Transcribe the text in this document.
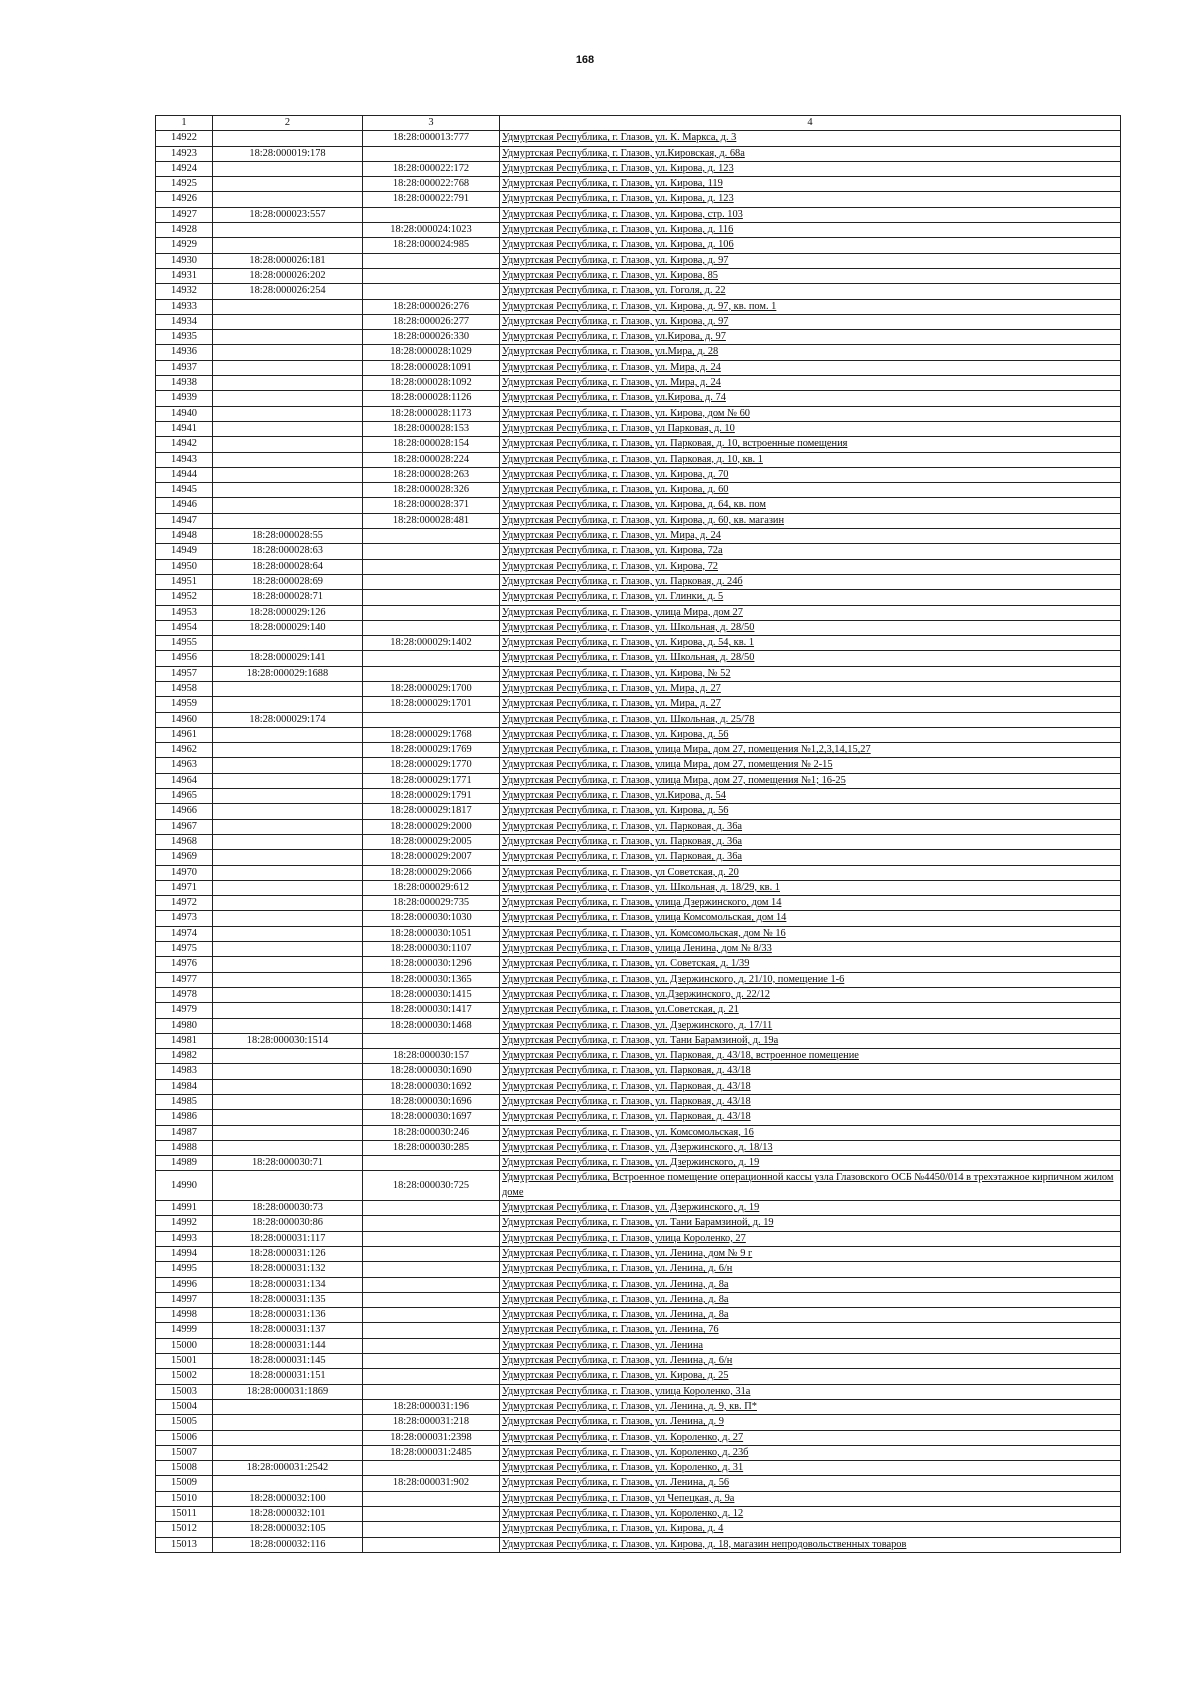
168
1	2	3	4
14922		18:28:000013:777	Удмуртская Республика, г. Глазов, ул. К. Маркса, д. 3
14923	18:28:000019:178		Удмуртская Республика, г. Глазов, ул.Кировская, д. 68а
14924		18:28:000022:172	Удмуртская Республика, г. Глазов, ул. Кирова, д. 123
14925		18:28:000022:768	Удмуртская Республика, г. Глазов, ул. Кирова, 119
14926		18:28:000022:791	Удмуртская Республика, г. Глазов, ул. Кирова, д. 123
14927	18:28:000023:557		Удмуртская Республика, г. Глазов, ул. Кирова, стр. 103
14928		18:28:000024:1023	Удмуртская Республика, г. Глазов, ул. Кирова, д. 116
14929		18:28:000024:985	Удмуртская Республика, г. Глазов, ул. Кирова, д. 106
14930	18:28:000026:181		Удмуртская Республика, г. Глазов, ул. Кирова, д. 97
14931	18:28:000026:202		Удмуртская Республика, г. Глазов, ул. Кирова, 85
14932	18:28:000026:254		Удмуртская Республика, г. Глазов, ул. Гоголя, д. 22
14933		18:28:000026:276	Удмуртская Республика, г. Глазов, ул. Кирова, д. 97, кв. пом. 1
14934		18:28:000026:277	Удмуртская Республика, г. Глазов, ул. Кирова, д. 97
14935		18:28:000026:330	Удмуртская Республика, г. Глазов, ул.Кирова, д. 97
14936		18:28:000028:1029	Удмуртская Республика, г. Глазов, ул.Мира, д. 28
14937		18:28:000028:1091	Удмуртская Республика, г. Глазов, ул. Мира, д. 24
14938		18:28:000028:1092	Удмуртская Республика, г. Глазов, ул. Мира, д. 24
14939		18:28:000028:1126	Удмуртская Республика, г. Глазов, ул.Кирова, д. 74
14940		18:28:000028:1173	Удмуртская Республика, г. Глазов, ул. Кирова, дом № 60
14941		18:28:000028:153	Удмуртская Республика, г. Глазов, ул Парковая, д. 10
14942		18:28:000028:154	Удмуртская Республика, г. Глазов, ул. Парковая, д. 10, встроенные помещения
14943		18:28:000028:224	Удмуртская Республика, г. Глазов, ул. Парковая, д. 10, кв. 1
14944		18:28:000028:263	Удмуртская Республика, г. Глазов, ул. Кирова, д. 70
14945		18:28:000028:326	Удмуртская Республика, г. Глазов, ул. Кирова, д. 60
14946		18:28:000028:371	Удмуртская Республика, г. Глазов, ул. Кирова, д. 64, кв. пом
14947		18:28:000028:481	Удмуртская Республика, г. Глазов, ул. Кирова, д. 60, кв. магазин
14948	18:28:000028:55		Удмуртская Республика, г. Глазов, ул. Мира, д. 24
14949	18:28:000028:63		Удмуртская Республика, г. Глазов, ул. Кирова, 72а
14950	18:28:000028:64		Удмуртская Республика, г. Глазов, ул. Кирова, 72
14951	18:28:000028:69		Удмуртская Республика, г. Глазов, ул. Парковая, д. 24б
14952	18:28:000028:71		Удмуртская Республика, г. Глазов, ул. Глинки, д. 5
14953	18:28:000029:126		Удмуртская Республика, г. Глазов, улица Мира, дом 27
14954	18:28:000029:140		Удмуртская Республика, г. Глазов, ул. Школьная, д. 28/50
14955		18:28:000029:1402	Удмуртская Республика, г. Глазов, ул. Кирова, д. 54, кв. 1
14956	18:28:000029:141		Удмуртская Республика, г. Глазов, ул. Школьная, д. 28/50
14957	18:28:000029:1688		Удмуртская Республика, г. Глазов, ул. Кирова, № 52
14958		18:28:000029:1700	Удмуртская Республика, г. Глазов, ул. Мира, д. 27
14959		18:28:000029:1701	Удмуртская Республика, г. Глазов, ул. Мира, д. 27
14960	18:28:000029:174		Удмуртская Республика, г. Глазов, ул. Школьная, д. 25/78
14961		18:28:000029:1768	Удмуртская Республика, г. Глазов, ул. Кирова, д. 56
14962		18:28:000029:1769	Удмуртская Республика, г. Глазов, улица Мира, дом 27, помещения №1,2,3,14,15,27
14963		18:28:000029:1770	Удмуртская Республика, г. Глазов, улица Мира, дом 27, помещения № 2-15
14964		18:28:000029:1771	Удмуртская Республика, г. Глазов, улица Мира, дом 27, помещения №1; 16-25
14965		18:28:000029:1791	Удмуртская Республика, г. Глазов, ул.Кирова, д. 54
14966		18:28:000029:1817	Удмуртская Республика, г. Глазов, ул. Кирова, д. 56
14967		18:28:000029:2000	Удмуртская Республика, г. Глазов, ул. Парковая, д. 36а
14968		18:28:000029:2005	Удмуртская Республика, г. Глазов, ул. Парковая, д. 36а
14969		18:28:000029:2007	Удмуртская Республика, г. Глазов, ул. Парковая, д. 36а
14970		18:28:000029:2066	Удмуртская Республика, г. Глазов, ул Советская, д. 20
14971		18:28:000029:612	Удмуртская Республика, г. Глазов, ул. Школьная, д. 18/29, кв. 1
14972		18:28:000029:735	Удмуртская Республика, г. Глазов, улица Дзержинского, дом 14
14973		18:28:000030:1030	Удмуртская Республика, г. Глазов, улица Комсомольская, дом 14
14974		18:28:000030:1051	Удмуртская Республика, г. Глазов, ул. Комсомольская, дом № 16
14975		18:28:000030:1107	Удмуртская Республика, г. Глазов, улица Ленина, дом № 8/33
14976		18:28:000030:1296	Удмуртская Республика, г. Глазов, ул. Советская, д. 1/39
14977		18:28:000030:1365	Удмуртская Республика, г. Глазов, ул. Дзержинского, д. 21/10, помещение 1-6
14978		18:28:000030:1415	Удмуртская Республика, г. Глазов, ул.Дзержинского, д. 22/12
14979		18:28:000030:1417	Удмуртская Республика, г. Глазов, ул.Советская, д. 21
14980		18:28:000030:1468	Удмуртская Республика, г. Глазов, ул. Дзержинского, д. 17/11
14981	18:28:000030:1514		Удмуртская Республика, г. Глазов, ул. Тани Барамзиной, д. 19а
14982		18:28:000030:157	Удмуртская Республика, г. Глазов, ул. Парковая, д. 43/18, встроенное помещение
14983		18:28:000030:1690	Удмуртская Республика, г. Глазов, ул. Парковая, д. 43/18
14984		18:28:000030:1692	Удмуртская Республика, г. Глазов, ул. Парковая, д. 43/18
14985		18:28:000030:1696	Удмуртская Республика, г. Глазов, ул. Парковая, д. 43/18
14986		18:28:000030:1697	Удмуртская Республика, г. Глазов, ул. Парковая, д. 43/18
14987		18:28:000030:246	Удмуртская Республика, г. Глазов, ул. Комсомольская, 16
14988		18:28:000030:285	Удмуртская Республика, г. Глазов, ул. Дзержинского, д. 18/13
14989	18:28:000030:71		Удмуртская Республика, г. Глазов, ул. Дзержинского, д. 19
14990		18:28:000030:725	Удмуртская Республика, Встроенное помещение операционной кассы узла Глазовского ОСБ №4450/014 в трехэтажное кирпичном жилом доме
14991	18:28:000030:73		Удмуртская Республика, г. Глазов, ул. Дзержинского, д. 19
14992	18:28:000030:86		Удмуртская Республика, г. Глазов, ул. Тани Барамзиной, д. 19
14993	18:28:000031:117		Удмуртская Республика, г. Глазов, улица Короленко, 27
14994	18:28:000031:126		Удмуртская Республика, г. Глазов, ул. Ленина, дом № 9 г
14995	18:28:000031:132		Удмуртская Республика, г. Глазов, ул. Ленина, д. 6/н
14996	18:28:000031:134		Удмуртская Республика, г. Глазов, ул. Ленина, д. 8а
14997	18:28:000031:135		Удмуртская Республика, г. Глазов, ул. Ленина, д. 8а
14998	18:28:000031:136		Удмуртская Республика, г. Глазов, ул. Ленина, д. 8а
14999	18:28:000031:137		Удмуртская Республика, г. Глазов, ул. Ленина, 76
15000	18:28:000031:144		Удмуртская Республика, г. Глазов, ул. Ленина
15001	18:28:000031:145		Удмуртская Республика, г. Глазов, ул. Ленина, д. 6/н
15002	18:28:000031:151		Удмуртская Республика, г. Глазов, ул. Кирова, д. 25
15003	18:28:000031:1869		Удмуртская Республика, г. Глазов, улица Короленко, 31а
15004		18:28:000031:196	Удмуртская Республика, г. Глазов, ул. Ленина, д. 9, кв. П*
15005		18:28:000031:218	Удмуртская Республика, г. Глазов, ул. Ленина, д. 9
15006		18:28:000031:2398	Удмуртская Республика, г. Глазов, ул. Короленко, д. 27
15007		18:28:000031:2485	Удмуртская Республика, г. Глазов, ул. Короленко, д. 23б
15008	18:28:000031:2542		Удмуртская Республика, г. Глазов, ул. Короленко, д. 31
15009		18:28:000031:902	Удмуртская Республика, г. Глазов, ул. Ленина, д. 56
15010	18:28:000032:100		Удмуртская Республика, г. Глазов, ул Чепецкая, д. 9а
15011	18:28:000032:101		Удмуртская Республика, г. Глазов, ул. Короленко, д. 12
15012	18:28:000032:105		Удмуртская Республика, г. Глазов, ул. Кирова, д. 4
15013	18:28:000032:116		Удмуртская Республика, г. Глазов, ул. Кирова, д. 18, магазин непродовольственных товаров
